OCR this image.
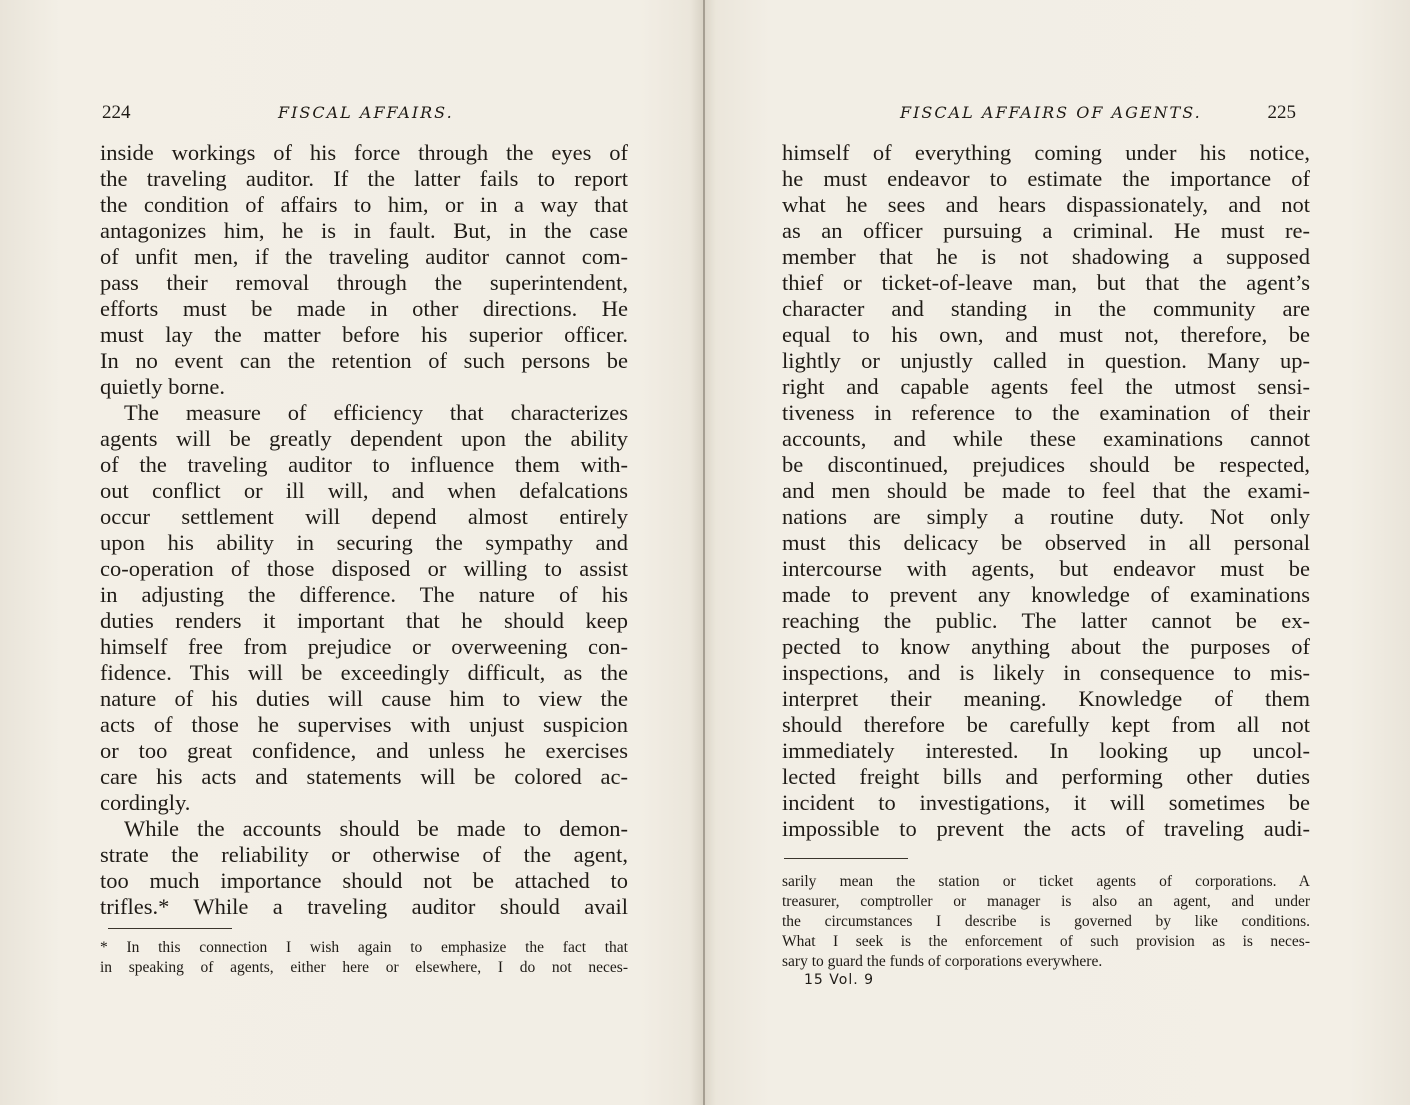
224	FISCAL AFFAIRS.
inside workings of his force through the eyes of
the traveling auditor. If the latter fails to report
the condition of affairs to him, or in a way that
antagonizes him, he is in fault. But, in the case
of unfit men, if the traveling auditor cannot com-
pass their removal through the superintendent,
efforts must be made in other directions. He
must lay the matter before his superior officer.
In no event can the retention of such persons be
quietly borne.
The measure of efficiency that characterizes
agents will be greatly dependent upon the ability
of the traveling auditor to influence them with-
out conflict or ill will, and when defalcations
occur settlement will depend almost entirely
upon his ability in securing the sympathy and
co-operation of those disposed or willing to assist
in adjusting the difference. The nature of his
duties renders it important that he should keep
himself free from prejudice or overweening con-
fidence. This will be exceedingly difficult, as the
nature of his duties will cause him to view the
acts of those he supervises with unjust suspicion
or too great confidence, and unless he exercises
care his acts and statements will be colored ac-
cordingly.
While the accounts should be made to demon-
strate the reliability or otherwise of the agent,
too much importance should not be attached to
trifles.* While a traveling auditor should avail
* In this connection I wish again to emphasize the fact that
in speaking of agents, either here or elsewhere, I do not neces-
FISCAL AFFAIRS OF AGENTS.	225
himself of everything coming under his notice,
he must endeavor to estimate the importance of
what he sees and hears dispassionately, and not
as an officer pursuing a criminal. He must re-
member that he is not shadowing a supposed
thief or ticket-of-leave man, but that the agent’s
character and standing in the community are
equal to his own, and must not, therefore, be
lightly or unjustly called in question. Many up-
right and capable agents feel the utmost sensi-
tiveness in reference to the examination of their
accounts, and while these examinations cannot
be discontinued, prejudices should be respected,
and men should be made to feel that the exami-
nations are simply a routine duty. Not only
must this delicacy be observed in all personal
intercourse with agents, but endeavor must be
made to prevent any knowledge of examinations
reaching the public. The latter cannot be ex-
pected to know anything about the purposes of
inspections, and is likely in consequence to mis-
interpret their meaning. Knowledge of them
should therefore be carefully kept from all not
immediately interested. In looking up uncol-
lected freight bills and performing other duties
incident to investigations, it will sometimes be
impossible to prevent the acts of traveling audi-
sarily mean the station or ticket agents of corporations. A
treasurer, comptroller or manager is also an agent, and under
the circumstances I describe is governed by like conditions.
What I seek is the enforcement of such provision as is neces-
sary to guard the funds of corporations everywhere.
15 Vol. 9
